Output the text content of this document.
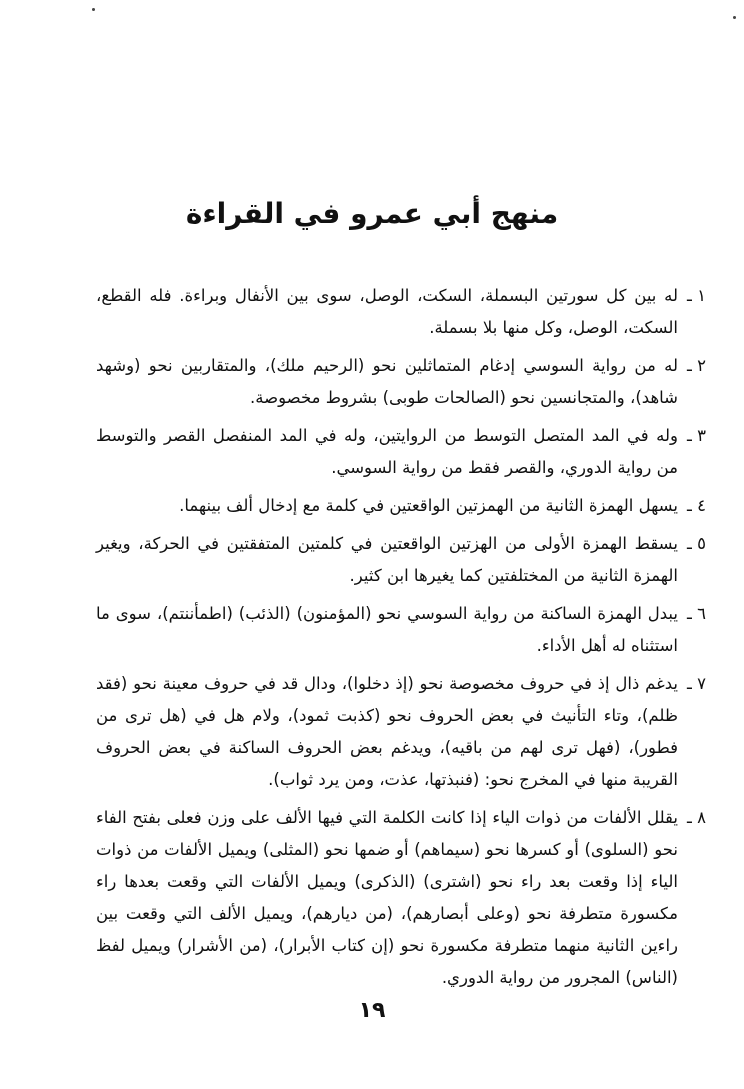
منهج أبي عمرو في القراءة
١ ـ
له بين كل سورتين البسملة، السكت، الوصل، سوى بين الأنفال وبراءة. فله القطع، السكت، الوصل، وكل منها بلا بسملة.
٢ ـ
له من رواية السوسي إدغام المتماثلين نحو (الرحيم ملك)، والمتقاربين نحو (وشهد شاهد)، والمتجانسين نحو (الصالحات طوبى) بشروط مخصوصة.
٣ ـ
وله في المد المتصل التوسط من الروايتين، وله في المد المنفصل القصر والتوسط من رواية الدوري، والقصر فقط من رواية السوسي.
٤ ـ
يسهل الهمزة الثانية من الهمزتين الواقعتين في كلمة مع إدخال ألف بينهما.
٥ ـ
يسقط الهمزة الأولى من الهزتين الواقعتين في كلمتين المتفقتين في الحركة، ويغير الهمزة الثانية من المختلفتين كما يغيرها ابن كثير.
٦ ـ
يبدل الهمزة الساكنة من رواية السوسي نحو (المؤمنون) (الذئب) (اطمأننتم)، سوى ما استثناه له أهل الأداء.
٧ ـ
يدغم ذال إذ في حروف مخصوصة نحو (إذ دخلوا)، ودال قد في حروف معينة نحو (فقد ظلم)، وتاء التأنيث في بعض الحروف نحو (كذبت ثمود)، ولام هل في (هل ترى من فطور)، (فهل ترى لهم من باقيه)، ويدغم بعض الحروف الساكنة في بعض الحروف القريبة منها في المخرج نحو: (فنبذتها، عذت، ومن يرد ثواب).
٨ ـ
يقلل الألفات من ذوات الياء إذا كانت الكلمة التي فيها الألف على وزن فعلى بفتح الفاء نحو (السلوى) أو كسرها نحو (سيماهم) أو ضمها نحو (المثلى) ويميل الألفات من ذوات الياء إذا وقعت بعد راء نحو (اشترى) (الذكرى) ويميل الألفات التي وقعت بعدها راء مكسورة متطرفة نحو (وعلى أبصارهم)، (من ديارهم)، ويميل الألف التي وقعت بين راءين الثانية منهما متطرفة مكسورة نحو (إن كتاب الأبرار)، (من الأشرار) ويميل لفظ (الناس) المجرور من رواية الدوري.
١٩
